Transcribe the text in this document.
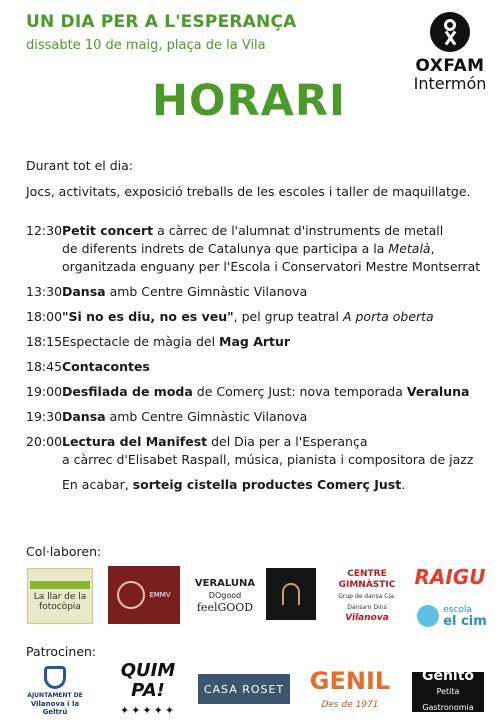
UN DIA PER A L'ESPERANÇA
dissabte 10 de maig, plaça de la Vila
HORARI
OXFAM
Intermón

Durant tot el dia:

Jocs, activitats, exposició treballs de les escoles i taller de maquillatge.

12:30 Petit concert a càrrec de l'alumnat d'instruments de metall
de diferents indrets de Catalunya que participa a la Metalà,
organitzada enguany per l'Escola i Conservatori Mestre Montserrat
13:30 Dansa amb Centre Gimnàstic Vilanova
18:00 "Si no es diu, no es veu", pel grup teatral A porta oberta
18:15 Espectacle de màgia del Mag Artur
18:45 Contacontes
19:00 Desfilada de moda de Comerç Just: nova temporada Veraluna
19:30 Dansa amb Centre Gimnàstic Vilanova
20:00 Lectura del Manifest del Dia per a l'Esperança
a càrrec d'Elisabet Raspall, música, pianista i compositora de jazz
En acabar, sorteig cistella productes Comerç Just.
Col·laboren:
La llar de la fotocòpia
EMMV
VERALUNA
DOgood
feelGOOD
CENTRE GIMNÀSTIC
Grup de dansa Cia. Dansa'n Dins
Vilanova
RAIGU
escola
el cim
Patrocinen:
AJUNTAMENT DE
Vilanova i la Geltrú
QUIM PA!
✦✦✦✦✦
CASA ROSET GENIL
Des de 1971
Genito
Petita Gastronomia
